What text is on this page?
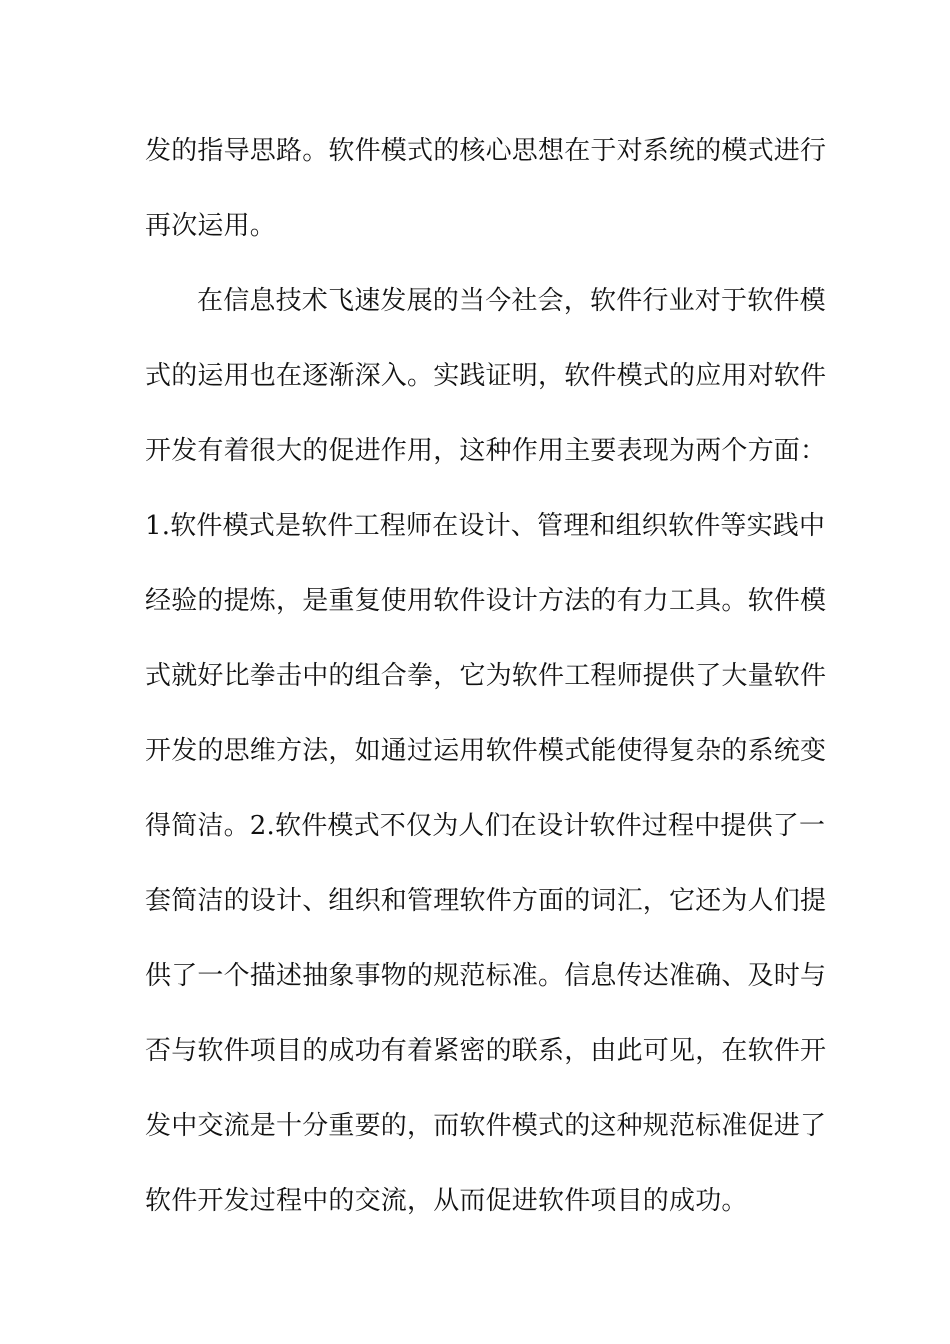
发的指导思路。软件模式的核心思想在于对系统的模式进行
再次运用。
在信息技术飞速发展的当今社会，软件行业对于软件模
式的运用也在逐渐深入。实践证明，软件模式的应用对软件
开发有着很大的促进作用，这种作用主要表现为两个方面：
1.软件模式是软件工程师在设计、管理和组织软件等实践中
经验的提炼，是重复使用软件设计方法的有力工具。软件模
式就好比拳击中的组合拳，它为软件工程师提供了大量软件
开发的思维方法，如通过运用软件模式能使得复杂的系统变
得简洁。2.软件模式不仅为人们在设计软件过程中提供了一
套简洁的设计、组织和管理软件方面的词汇，它还为人们提
供了一个描述抽象事物的规范标准。信息传达准确、及时与
否与软件项目的成功有着紧密的联系，由此可见，在软件开
发中交流是十分重要的，而软件模式的这种规范标准促进了
软件开发过程中的交流，从而促进软件项目的成功。
